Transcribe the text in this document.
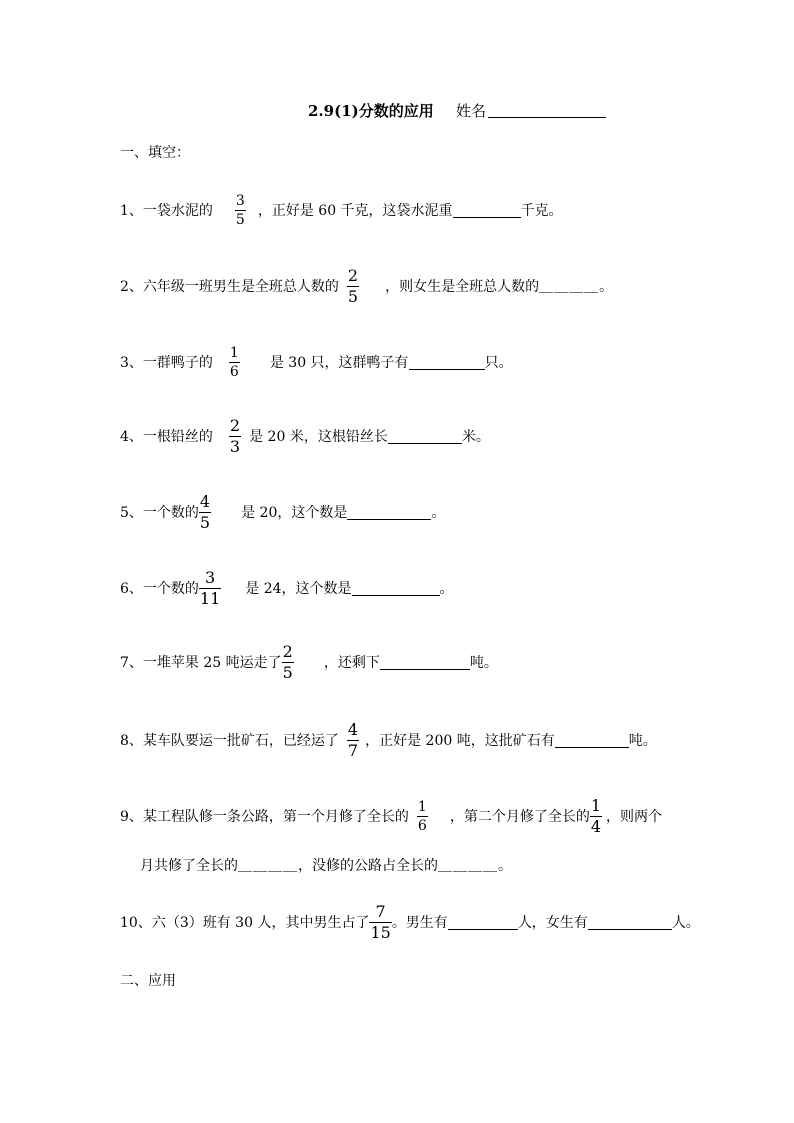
2.9(1)分数的应用 姓名
一、填空：
1、 一袋水泥的 $\frac{3}{5}$ ，正好是 60 千克，这袋水泥重	千克。
2、 六年级一班男生是全班总人数的 $\frac{2}{5}$ ，则女生是全班总人数的 ＿＿＿＿ 。
3、 一群鸭子的 $\frac{1}{6}$ 是 30 只，这群鸭子有	只。
4、 一根铅丝的 $\frac{2}{3}$ 是 20 米，这根铅丝长	米。
5、 一个数的 $\frac{4}{5}$ 是 20，这个数是	。
6、 一个数的 $\frac{3}{11}$ 是 24，这个数是	。
7、 一堆苹果 25 吨运走了 $\frac{2}{5}$ ，还剩下	吨。
8、 某车队要运一批矿石，已经运了 $\frac{4}{7}$ ，正好是 200 吨，这批矿石有	吨。
9、 某工程队修一条公路，第一个月修了全长的 $\frac{1}{6}$ ，第二个月修了全长的 $\frac{1}{4}$ ，则两个
月共修了全长的＿＿＿＿，没修的公路占全长的＿＿＿＿。
10、 六（3）班有 30 人，其中男生占了 $\frac{7}{15}$ 。男生有	人，女生有	人。
二、应用
